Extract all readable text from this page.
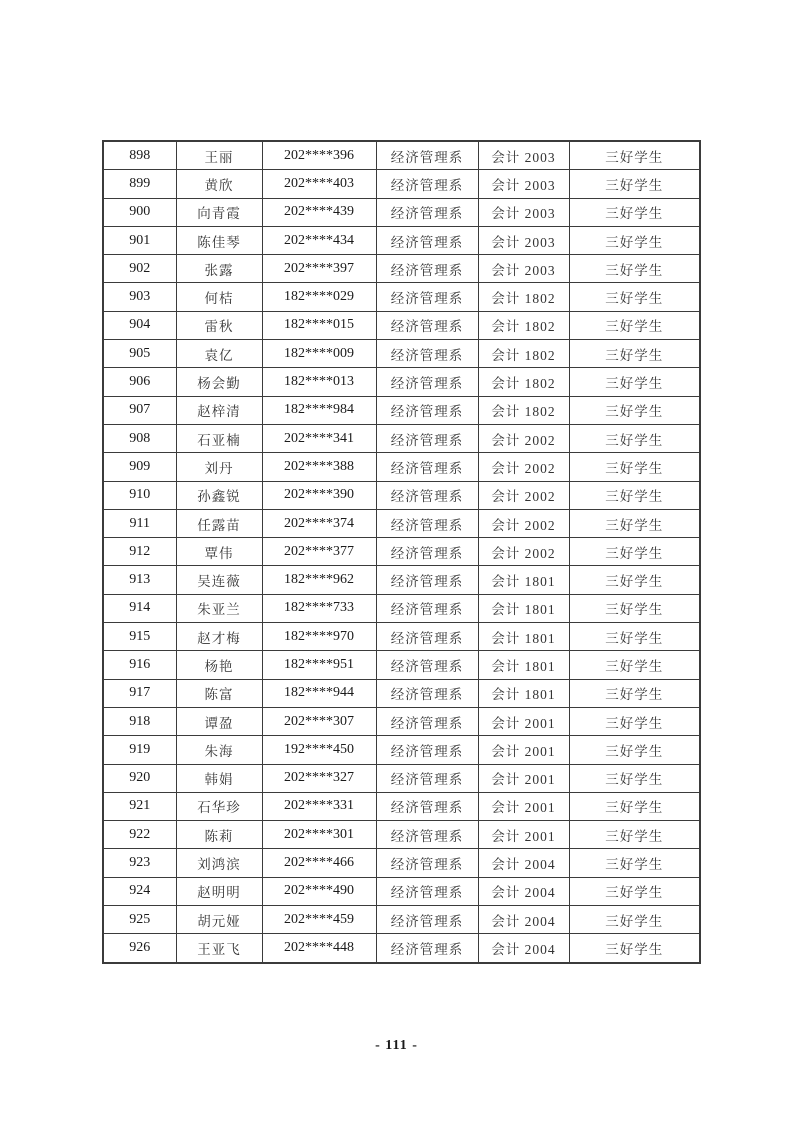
898	王丽	202****396	经济管理系	会计 2003	三好学生
899	黄欣	202****403	经济管理系	会计 2003	三好学生
900	向青霞	202****439	经济管理系	会计 2003	三好学生
901	陈佳琴	202****434	经济管理系	会计 2003	三好学生
902	张露	202****397	经济管理系	会计 2003	三好学生
903	何桔	182****029	经济管理系	会计 1802	三好学生
904	雷秋	182****015	经济管理系	会计 1802	三好学生
905	袁亿	182****009	经济管理系	会计 1802	三好学生
906	杨会勤	182****013	经济管理系	会计 1802	三好学生
907	赵梓清	182****984	经济管理系	会计 1802	三好学生
908	石亚楠	202****341	经济管理系	会计 2002	三好学生
909	刘丹	202****388	经济管理系	会计 2002	三好学生
910	孙鑫锐	202****390	经济管理系	会计 2002	三好学生
911	任露苗	202****374	经济管理系	会计 2002	三好学生
912	覃伟	202****377	经济管理系	会计 2002	三好学生
913	吴连薇	182****962	经济管理系	会计 1801	三好学生
914	朱亚兰	182****733	经济管理系	会计 1801	三好学生
915	赵才梅	182****970	经济管理系	会计 1801	三好学生
916	杨艳	182****951	经济管理系	会计 1801	三好学生
917	陈富	182****944	经济管理系	会计 1801	三好学生
918	谭盈	202****307	经济管理系	会计 2001	三好学生
919	朱海	192****450	经济管理系	会计 2001	三好学生
920	韩娟	202****327	经济管理系	会计 2001	三好学生
921	石华珍	202****331	经济管理系	会计 2001	三好学生
922	陈莉	202****301	经济管理系	会计 2001	三好学生
923	刘鸿滨	202****466	经济管理系	会计 2004	三好学生
924	赵明明	202****490	经济管理系	会计 2004	三好学生
925	胡元娅	202****459	经济管理系	会计 2004	三好学生
926	王亚飞	202****448	经济管理系	会计 2004	三好学生
- 111 -
